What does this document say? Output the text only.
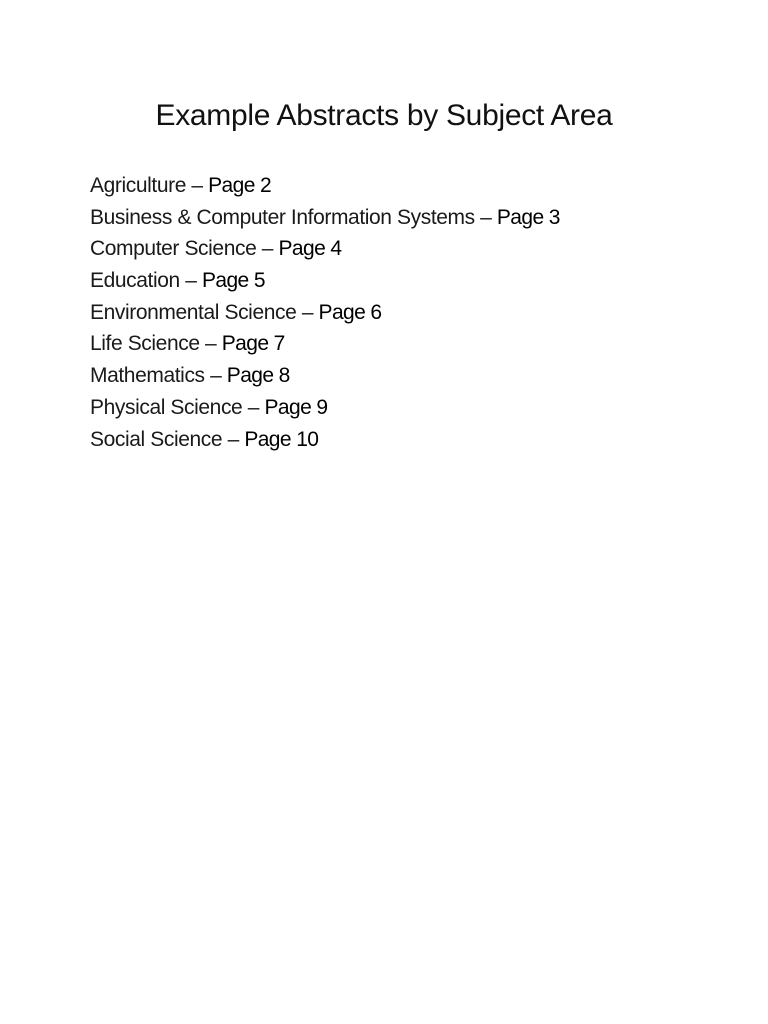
Example Abstracts by Subject Area
Agriculture – Page 2
Business & Computer Information Systems – Page 3
Computer Science – Page 4
Education – Page 5
Environmental Science – Page 6
Life Science – Page 7
Mathematics – Page 8
Physical Science – Page 9
Social Science – Page 10
